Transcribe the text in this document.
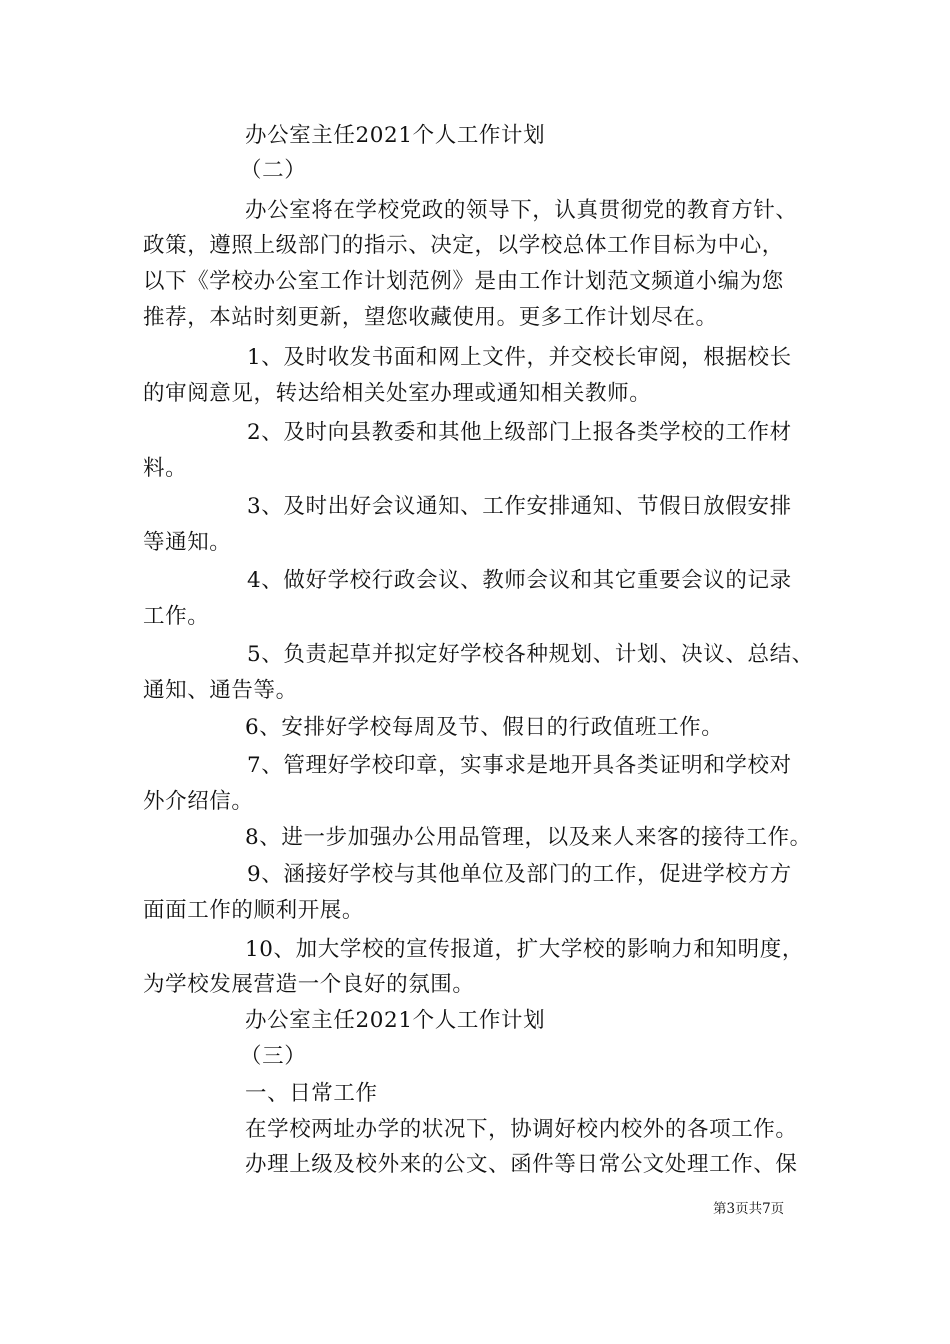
办公室主任2021个人工作计划
（二）
办公室将在学校党政的领导下，认真贯彻党的教育方针、
政策，遵照上级部门的指示、决定，以学校总体工作目标为中心，
以下《学校办公室工作计划范例》是由工作计划范文频道小编为您
推荐，本站时刻更新，望您收藏使用。更多工作计划尽在。
1、及时收发书面和网上文件，并交校长审阅，根据校长
的审阅意见，转达给相关处室办理或通知相关教师。
2、及时向县教委和其他上级部门上报各类学校的工作材
料。
3、及时出好会议通知、工作安排通知、节假日放假安排
等通知。
4、做好学校行政会议、教师会议和其它重要会议的记录
工作。
5、负责起草并拟定好学校各种规划、计划、决议、总结、
通知、通告等。
6、安排好学校每周及节、假日的行政值班工作。
7、管理好学校印章，实事求是地开具各类证明和学校对
外介绍信。
8、进一步加强办公用品管理，以及来人来客的接待工作。
9、涵接好学校与其他单位及部门的工作，促进学校方方
面面工作的顺利开展。
10、加大学校的宣传报道，扩大学校的影响力和知明度，
为学校发展营造一个良好的氛围。
办公室主任2021个人工作计划
（三）
一、日常工作
在学校两址办学的状况下，协调好校内校外的各项工作。
办理上级及校外来的公文、函件等日常公文处理工作、保
第3页共7页
